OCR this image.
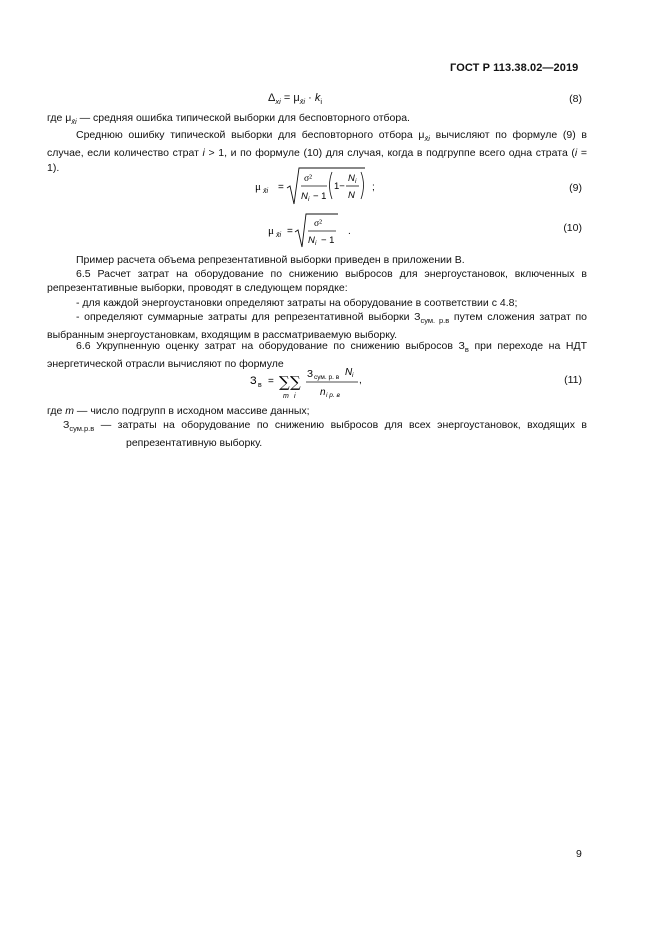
ГОСТ Р 113.38.02—2019
$\Delta_{xi} = \mu_{x̄i} \cdot k_i$	(8)
где $\mu_{x̄i}$ — средняя ошибка типической выборки для бесповторного отбора.
Среднюю ошибку типической выборки для бесповторного отбора $\mu_{x̄i}$ вычисляют по формуле (9) в случае, если количество страт i > 1, и по формуле (10) для случая, когда в подгруппе всего одна страта (i = 1).
μ x̄i =
σ²
N i − 1
1−
N i
N
;	(9)
μ x̄i =
σ²
N i − 1
.	(10)
Пример расчета объема репрезентативной выборки приведен в приложении В.
6.5 Расчет затрат на оборудование по снижению выбросов для энергоустановок, включенных в репрезентативные выборки, проводят в следующем порядке:
- для каждой энергоустановки определяют затраты на оборудование в соответствии с 4.8;
- определяют суммарные затраты для репрезентативной выборки $З_{сум. р.в}$ путем сложения затрат по выбранным энергоустановкам, входящим в рассматриваемую выборку.
6.6 Укрупненную оценку затрат на оборудование по снижению выбросов $З_в$ при переходе на НДТ энергетической отрасли вычисляют по формуле
З в = ∑
m
∑
i
З сум. р. в N i
n i р. в
,	(11)
где m — число подгрупп в исходном массиве данных;
$З_{сум.р.в}$ — затраты на оборудование по снижению выбросов для всех энергоустановок, входящих в репрезентативную выборку.
9
